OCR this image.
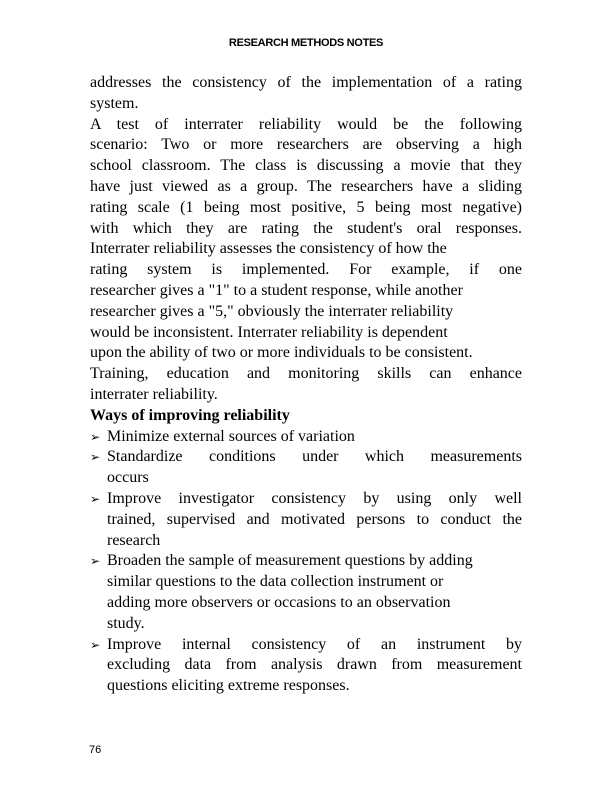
RESEARCH METHODS NOTES

addresses the consistency of the implementation of a rating
system.

A test of interrater reliability would be the following
scenario: Two or more researchers are observing a high
school classroom. The class is discussing a movie that they
have just viewed as a group. The researchers have a sliding
rating scale (1 being most positive, 5 being most negative)
with which they are rating the student's oral responses.
Interrater reliability assesses the consistency of how the
rating system is implemented. For example, if one
researcher gives a "1" to a student response, while another
researcher gives a "5," obviously the interrater reliability
would be inconsistent. Interrater reliability is dependent
upon the ability of two or more individuals to be consistent.
Training, education and monitoring skills can enhance
interrater reliability.

Ways of improving reliability

➢ Minimize external sources of variation
➢ Standardize conditions under which measurements
occurs
➢ Improve investigator consistency by using only well
trained, supervised and motivated persons to conduct the
research
➢ Broaden the sample of measurement questions by adding
similar questions to the data collection instrument or
adding more observers or occasions to an observation
study.
➢ Improve internal consistency of an instrument by
excluding data from analysis drawn from measurement
questions eliciting extreme responses.
76
